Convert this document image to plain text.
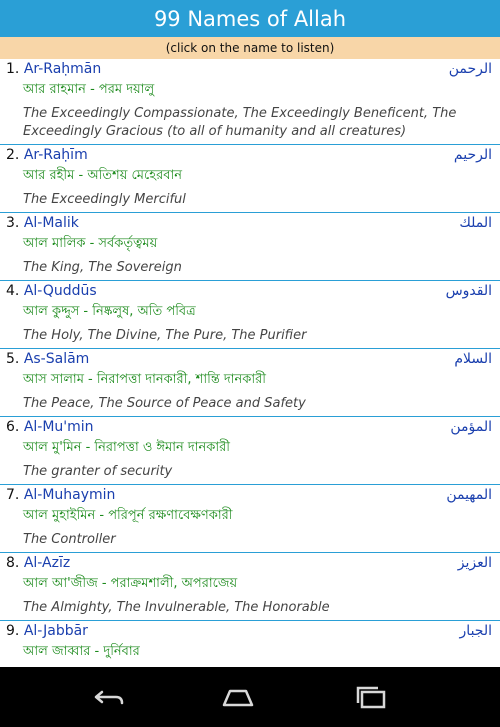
99 Names of Allah
(click on the name to listen)
1. Ar-Raḥmān	الرحمن
আর রাহমান - পরম দয়ালু
The Exceedingly Compassionate, The Exceedingly Beneficent, The Exceedingly Gracious (to all of humanity and all creatures)
2. Ar-Raḥīm	الرحيم
আর রহীম - অতিশয় মেহেরবান
The Exceedingly Merciful
3. Al-Malik	الملك
আল মালিক - সর্বকর্তৃত্বময়
The King, The Sovereign
4. Al-Quddūs	القدوس
আল কুদ্দুস - নিষ্কলুষ, অতি পবিত্র
The Holy, The Divine, The Pure, The Purifier
5. As-Salām	السلام
আস সালাম - নিরাপত্তা দানকারী, শান্তি দানকারী
The Peace, The Source of Peace and Safety
6. Al-Mu'min	المؤمن
আল মু'মিন - নিরাপত্তা ও ঈমান দানকারী
The granter of security
7. Al-Muhaymin	المهيمن
আল মুহাইমিন - পরিপূর্ন রক্ষণাবেক্ষণকারী
The Controller
8. Al-Azīz	العزيز
আল আ'জীজ - পরাক্রমশালী, অপরাজেয়
The Almighty, The Invulnerable, The Honorable
9. Al-Jabbār	الجبار
আল জাব্বার - দুর্নিবার
